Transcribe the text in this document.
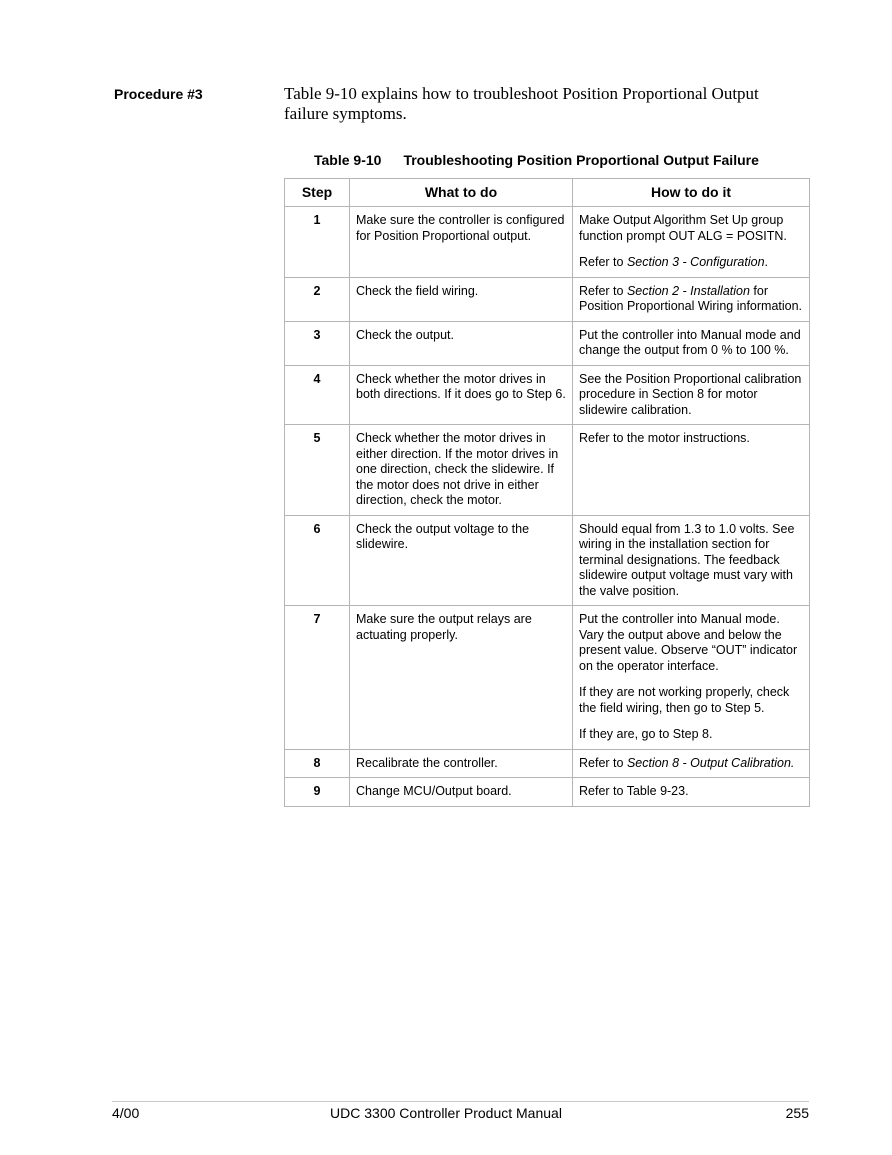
Procedure #3	Table 9-10 explains how to troubleshoot Position Proportional Output failure symptoms.
Table 9-10 Troubleshooting Position Proportional Output Failure
Step	What to do	How to do it
1	Make sure the controller is configured for Position Proportional output.	Make Output Algorithm Set Up group function prompt OUT ALG = POSITN.

Refer to Section 3 - Configuration.

2	Check the field wiring.	Refer to Section 2 - Installation for Position Proportional Wiring information.

3	Check the output.	Put the controller into Manual mode and change the output from 0 % to 100 %.

4	Check whether the motor drives in both directions. If it does go to Step 6.	See the Position Proportional calibration procedure in Section 8 for motor slidewire calibration.

5	Check whether the motor drives in either direction. If the motor drives in one direction, check the slidewire. If the motor does not drive in either direction, check the motor.	Refer to the motor instructions.

6	Check the output voltage to the slidewire.	Should equal from 1.3 to 1.0 volts. See wiring in the installation section for terminal designations. The feedback slidewire output voltage must vary with the valve position.

7	Make sure the output relays are actuating properly.	Put the controller into Manual mode. Vary the output above and below the present value. Observe “OUT” indicator on the operator interface.

If they are not working properly, check the field wiring, then go to Step 5.

If they are, go to Step 8.

8	Recalibrate the controller.	Refer to Section 8 - Output Calibration.

9	Change MCU/Output board.	Refer to Table 9-23.

4/00	UDC 3300 Controller Product Manual	255
